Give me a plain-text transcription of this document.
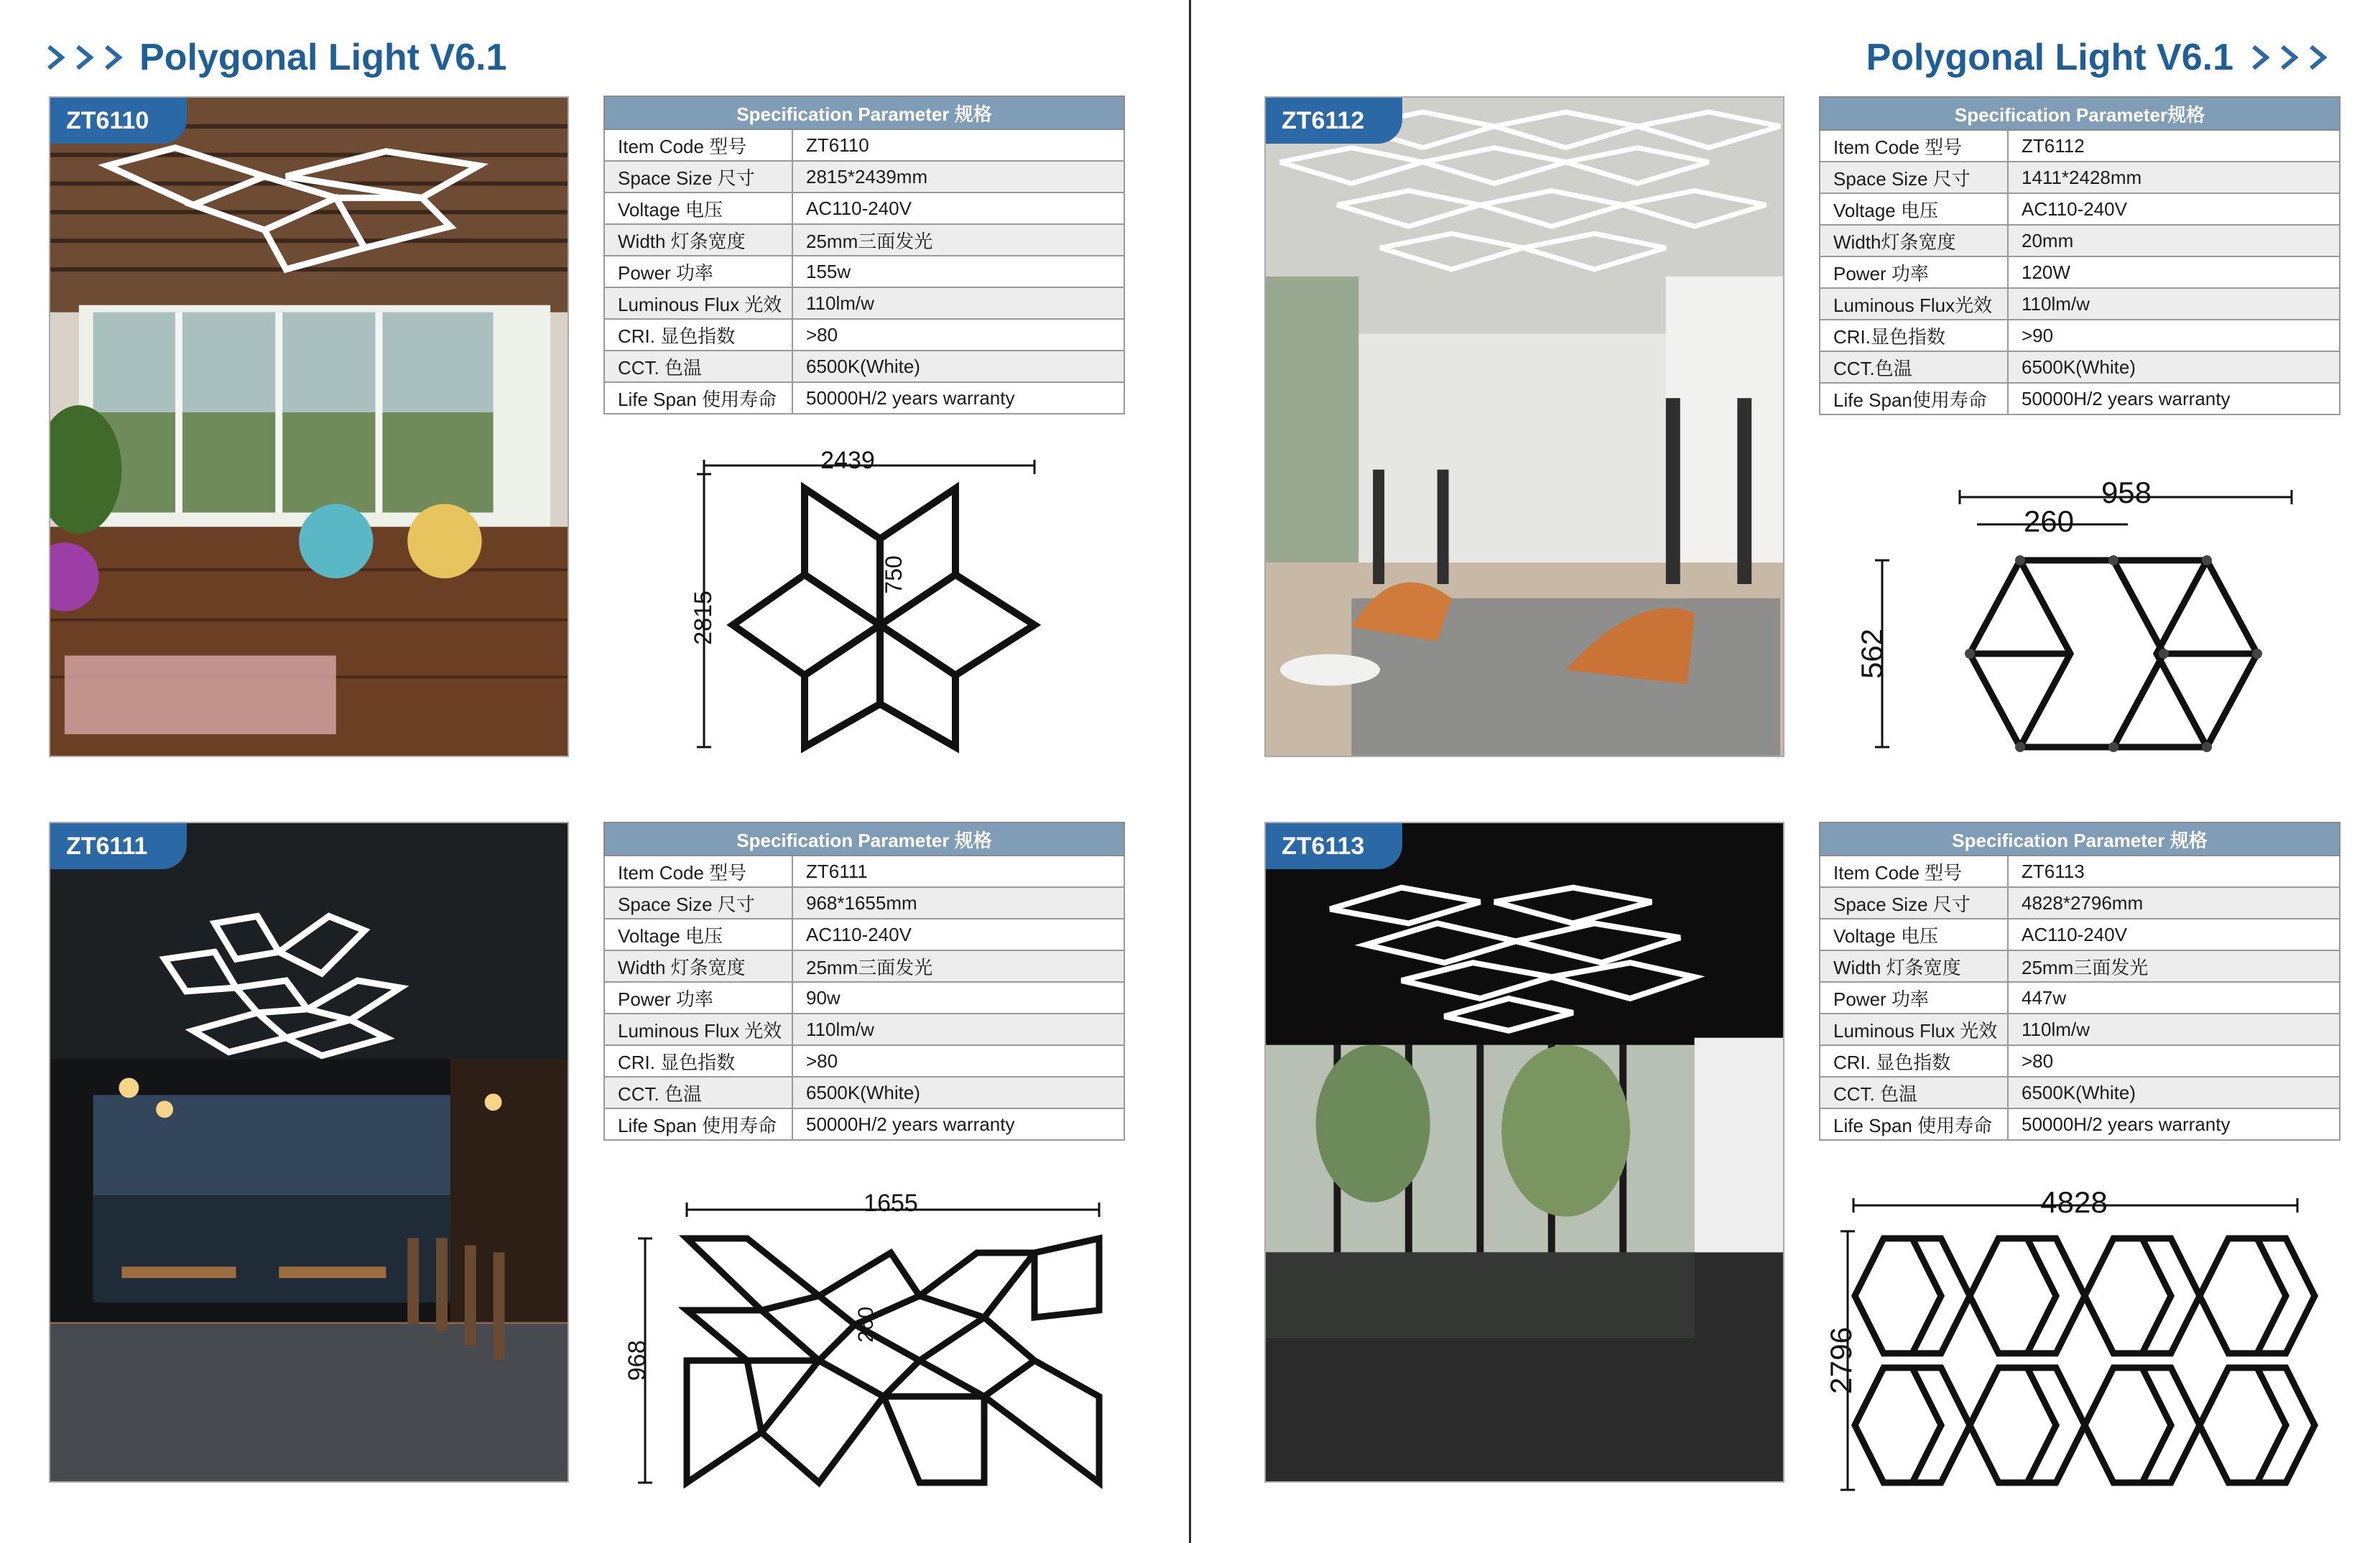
Polygonal Light V6.1	Polygonal Light V6.1
ZT6110
ZT6111
ZT6112
ZT6113
Specification Parameter 规格	
Item Code 型号	ZT6110
Space Size 尺寸	2815*2439mm
Voltage 电压	AC110-240V
Width 灯条宽度	25mm三面发光
Power 功率	155w
Luminous Flux 光效	110lm/w
CRI. 显色指数	>80
CCT. 色温	6500K(White)
Life Span 使用寿命	50000H/2 years warranty
Specification Parameter 规格	
Item Code 型号	ZT6111
Space Size 尺寸	968*1655mm
Voltage 电压	AC110-240V
Width 灯条宽度	25mm三面发光
Power 功率	90w
Luminous Flux 光效	110lm/w
CRI. 显色指数	>80
CCT. 色温	6500K(White)
Life Span 使用寿命	50000H/2 years warranty
Specification Parameter规格	
Item Code 型号	ZT6112
Space Size 尺寸	1411*2428mm
Voltage 电压	AC110-240V
Width灯条宽度	20mm
Power 功率	120W
Luminous Flux光效	110lm/w
CRI.显色指数	>90
CCT.色温	6500K(White)
Life Span使用寿命	50000H/2 years warranty
Specification Parameter 规格	
Item Code 型号	ZT6113
Space Size 尺寸	4828*2796mm
Voltage 电压	AC110-240V
Width 灯条宽度	25mm三面发光
Power 功率	447w
Luminous Flux 光效	110lm/w
CRI. 显色指数	>80
CCT. 色温	6500K(White)
Life Span 使用寿命	50000H/2 years warranty
2439
2815
750
1655
968
260
958
260
562
4828
2796
